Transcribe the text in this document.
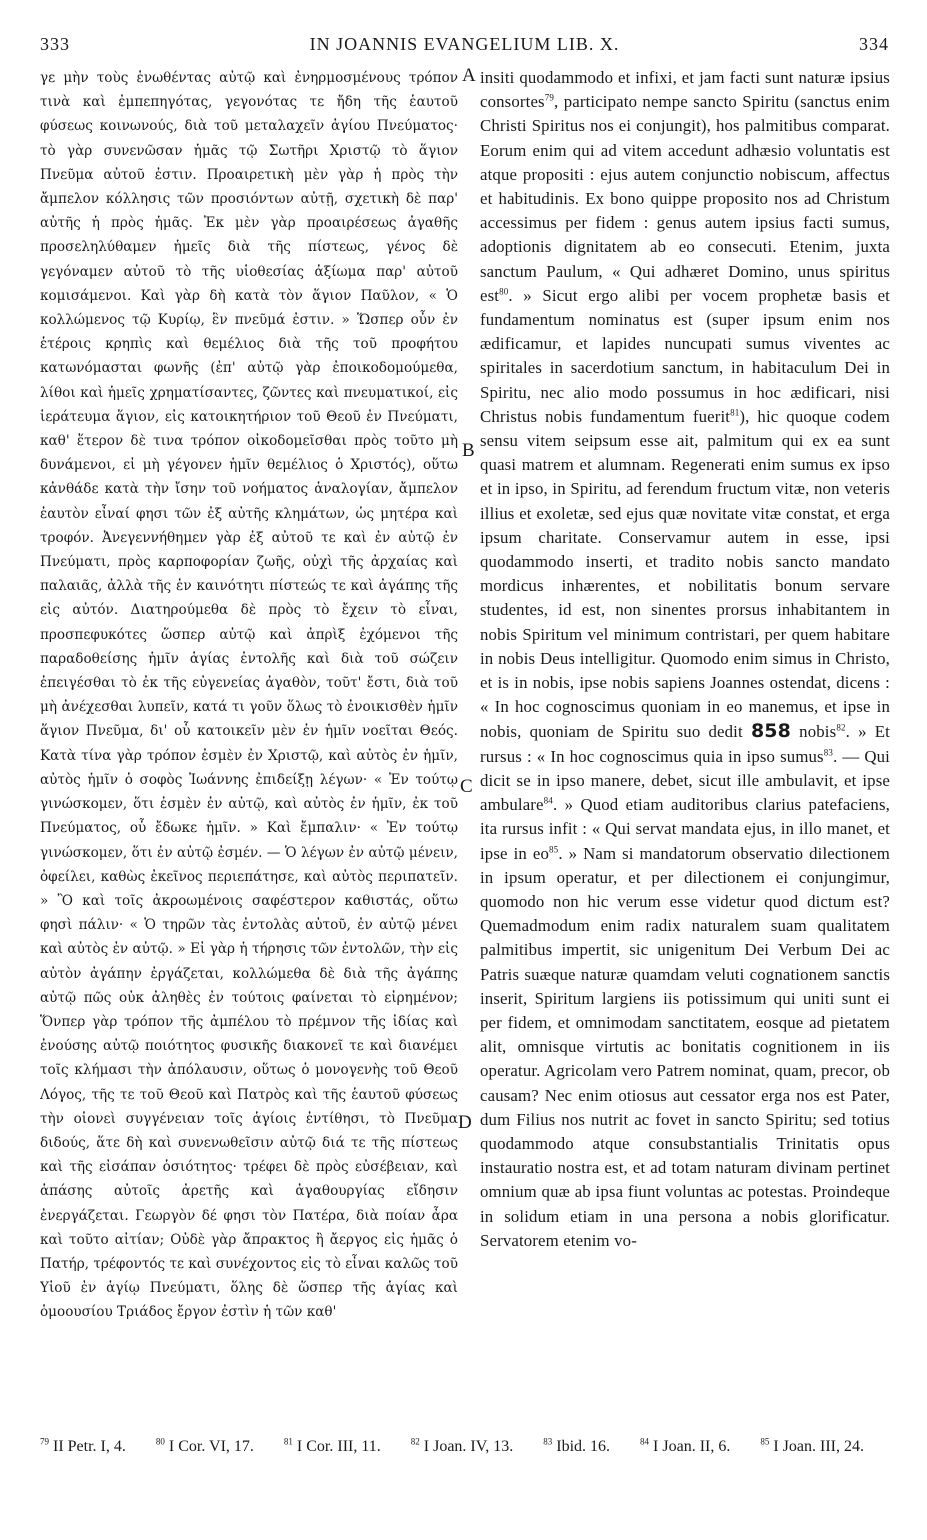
333	IN JOANNIS EVANGELIUM LIB. X.	334

γε μὴν τοὺς ἑνωθέντας αὐτῷ καὶ ἐνηρμοσμένους τρόπον τινὰ καὶ ἐμπεπηγότας, γεγονότας τε ἤδη τῆς ἑαυτοῦ φύσεως κοινωνούς, διὰ τοῦ μεταλαχεῖν ἁγίου Πνεύματος· τὸ γὰρ συνενῶσαν ἡμᾶς τῷ Σωτῆρι Χριστῷ τὸ ἅγιον Πνεῦμα αὐτοῦ ἐστιν. Προαιρετικὴ μὲν γὰρ ἡ πρὸς τὴν ἄμπελον κόλλησις τῶν προσιόντων αὐτῇ, σχετικὴ δὲ παρ' αὐτῆς ἡ πρὸς ἡμᾶς. Ἐκ μὲν γὰρ προαιρέσεως ἀγαθῆς προσεληλύθαμεν ἡμεῖς διὰ τῆς πίστεως, γένος δὲ γεγόναμεν αὐτοῦ τὸ τῆς υἱοθεσίας ἀξίωμα παρ' αὐτοῦ κομισάμενοι. Καὶ γὰρ δὴ κατὰ τὸν ἅγιον Παῦλον, « Ὁ κολλώμενος τῷ Κυρίῳ, ἓν πνεῦμά ἐστιν. » Ὥσπερ οὖν ἐν ἑτέροις κρηπὶς καὶ θεμέλιος διὰ τῆς τοῦ προφήτου κατωνόμασται φωνῆς (ἐπ' αὐτῷ γὰρ ἐποικοδομούμεθα, λίθοι καὶ ἡμεῖς χρηματίσαντες, ζῶντες καὶ πνευματικοί, εἰς ἱεράτευμα ἅγιον, εἰς κατοικητήριον τοῦ Θεοῦ ἐν Πνεύματι, καθ' ἕτερον δὲ τινα τρόπον οἰκοδομεῖσθαι πρὸς τοῦτο μὴ δυνάμενοι, εἰ μὴ γέγονεν ἡμῖν θεμέλιος ὁ Χριστός), οὕτω κἀνθάδε κατὰ τὴν ἴσην τοῦ νοήματος ἀναλογίαν, ἄμπελον ἑαυτὸν εἶναί φησι τῶν ἐξ αὐτῆς κλημάτων, ὡς μητέρα καὶ τροφόν. Ἀνεγεννήθημεν γὰρ ἐξ αὐτοῦ τε καὶ ἐν αὐτῷ ἐν Πνεύματι, πρὸς καρποφορίαν ζωῆς, οὐχὶ τῆς ἀρχαίας καὶ παλαιᾶς, ἀλλὰ τῆς ἐν καινότητι πίστεώς τε καὶ ἀγάπης τῆς εἰς αὐτόν. Διατηρούμεθα δὲ πρὸς τὸ ἔχειν τὸ εἶναι, προσπεφυκότες ὥσπερ αὐτῷ καὶ ἀπρὶξ ἐχόμενοι τῆς παραδοθείσης ἡμῖν ἁγίας ἐντολῆς καὶ διὰ τοῦ σώζειν ἐπειγέσθαι τὸ ἐκ τῆς εὐγενείας ἀγαθὸν, τοῦτ' ἔστι, διὰ τοῦ μὴ ἀνέχεσθαι λυπεῖν, κατά τι γοῦν ὅλως τὸ ἐνοικισθὲν ἡμῖν ἅγιον Πνεῦμα, δι' οὗ κατοικεῖν μὲν ἐν ἡμῖν νοεῖται Θεός. Κατὰ τίνα γὰρ τρόπον ἐσμὲν ἐν Χριστῷ, καὶ αὐτὸς ἐν ἡμῖν, αὐτὸς ἡμῖν ὁ σοφὸς Ἰωάννης ἐπιδείξῃ λέγων· « Ἐν τούτῳ γινώσκομεν, ὅτι ἐσμὲν ἐν αὐτῷ, καὶ αὐτὸς ἐν ἡμῖν, ἐκ τοῦ Πνεύματος, οὗ ἔδωκε ἡμῖν. » Καὶ ἔμπαλιν· « Ἐν τούτῳ γινώσκομεν, ὅτι ἐν αὐτῷ ἐσμέν. — Ὁ λέγων ἐν αὐτῷ μένειν, ὀφείλει, καθὼς ἐκεῖνος περιεπάτησε, καὶ αὐτὸς περιπατεῖν. » Ὃ καὶ τοῖς ἀκροωμένοις σαφέστερον καθιστάς, οὕτω φησὶ πάλιν· « Ὁ τηρῶν τὰς ἐντολὰς αὐτοῦ, ἐν αὐτῷ μένει καὶ αὐτὸς ἐν αὐτῷ. » Εἰ γὰρ ἡ τήρησις τῶν ἐντολῶν, τὴν εἰς αὐτὸν ἀγάπην ἐργάζεται, κολλώμεθα δὲ διὰ τῆς ἀγάπης αὐτῷ πῶς οὐκ ἀληθὲς ἐν τούτοις φαίνεται τὸ εἰρημένον; Ὅνπερ γὰρ τρόπον τῆς ἀμπέλου τὸ πρέμνον τῆς ἰδίας καὶ ἐνούσης αὐτῷ ποιότητος φυσικῆς διακονεῖ τε καὶ διανέμει τοῖς κλήμασι τὴν ἀπόλαυσιν, οὕτως ὁ μονογενὴς τοῦ Θεοῦ Λόγος, τῆς τε τοῦ Θεοῦ καὶ Πατρὸς καὶ τῆς ἑαυτοῦ φύσεως τὴν οἱονεὶ συγγένειαν τοῖς ἁγίοις ἐντίθησι, τὸ Πνεῦμα διδούς, ἅτε δὴ καὶ συνενωθεῖσιν αὐτῷ διά τε τῆς πίστεως καὶ τῆς εἰσάπαν ὁσιότητος· τρέφει δὲ πρὸς εὐσέβειαν, καὶ ἁπάσης αὐτοῖς ἀρετῆς καὶ ἀγαθουργίας εἴδησιν ἐνεργάζεται. Γεωργὸν δέ φησι τὸν Πατέρα, διὰ ποίαν ἆρα καὶ τοῦτο αἰτίαν; Οὐδὲ γὰρ ἄπρακτος ἢ ἄεργος εἰς ἡμᾶς ὁ Πατήρ, τρέφοντός τε καὶ συνέχοντος εἰς τὸ εἶναι καλῶς τοῦ Υἱοῦ ἐν ἁγίῳ Πνεύματι, ὅλης δὲ ὥσπερ τῆς ἁγίας καὶ ὁμοουσίου Τριάδος ἔργον ἐστὶν ἡ τῶν καθ'

A
B
C
D

insiti quodammodo et infixi, et jam facti sunt naturæ ipsius consortes$^{79}$, participato nempe sancto Spiritu (sanctus enim Christi Spiritus nos ei conjungit), hos palmitibus comparat. Eorum enim qui ad vitem accedunt adhæsio voluntatis est atque propositi : ejus autem conjunctio nobiscum, affectus et habitudinis. Ex bono quippe proposito nos ad Christum accessimus per fidem : genus autem ipsius facti sumus, adoptionis dignitatem ab eo consecuti. Etenim, juxta sanctum Paulum, « Qui adhæret Domino, unus spiritus est$^{80}$. » Sicut ergo alibi per vocem prophetæ basis et fundamentum nominatus est (super ipsum enim nos ædificamur, et lapides nuncupati sumus viventes ac spiritales in sacerdotium sanctum, in habitaculum Dei in Spiritu, nec alio modo possumus in hoc ædificari, nisi Christus nobis fundamentum fuerit$^{81}$), hic quoque codem sensu vitem seipsum esse ait, palmitum qui ex ea sunt quasi matrem et alumnam. Regenerati enim sumus ex ipso et in ipso, in Spiritu, ad ferendum fructum vitæ, non veteris illius et exoletæ, sed ejus quæ novitate vitæ constat, et erga ipsum charitate. Conservamur autem in esse, ipsi quodammodo inserti, et tradito nobis sancto mandato mordicus inhærentes, et nobilitatis bonum servare studentes, id est, non sinentes prorsus inhabitantem in nobis Spiritum vel minimum contristari, per quem habitare in nobis Deus intelligitur. Quomodo enim simus in Christo, et is in nobis, ipse nobis sapiens Joannes ostendat, dicens : « In hoc cognoscimus quoniam in eo manemus, et ipse in nobis, quoniam de Spiritu suo dedit 858 nobis$^{82}$. » Et rursus : « In hoc cognoscimus quia in ipso sumus$^{83}$. — Qui dicit se in ipso manere, debet, sicut ille ambulavit, et ipse ambulare$^{84}$. » Quod etiam auditoribus clarius patefaciens, ita rursus infit : « Qui servat mandata ejus, in illo manet, et ipse in $eo^{85}$. » Nam si mandatorum observatio dilectionem in ipsum operatur, et per dilectionem ei conjungimur, quomodo non hic verum esse videtur quod dictum est? Quemadmodum enim radix naturalem suam qualitatem palmitibus impertit, sic unigenitum Dei Verbum Dei ac Patris suæque naturæ quamdam veluti cognationem sanctis inserit, Spiritum largiens iis potissimum qui uniti sunt ei per fidem, et omnimodam sanctitatem, eosque ad pietatem alit, omnisque virtutis ac bonitatis cognitionem in iis operatur. Agricolam vero Patrem nominat, quam, precor, ob causam? Nec enim otiosus aut cessator erga nos est Pater, dum Filius nos nutrit ac fovet in sancto Spiritu; sed totius quodammodo atque consubstantialis Trinitatis opus instauratio nostra est, et ad totam naturam divinam pertinet omnium quæ ab ipsa fiunt voluntas ac potestas. Proindeque in solidum etiam in una persona a nobis glorificatur. Servatorem etenim vo-

$^{79}$ II Petr. I, 4.	$^{80}$ I Cor. VI, 17.	$^{81}$ I Cor. III, 11.	$^{82}$ I Joan. IV, 13.	$^{83}$ Ibid. 16.	$^{84}$ I Joan. II, 6.	$^{85}$ I Joan. III, 24.
